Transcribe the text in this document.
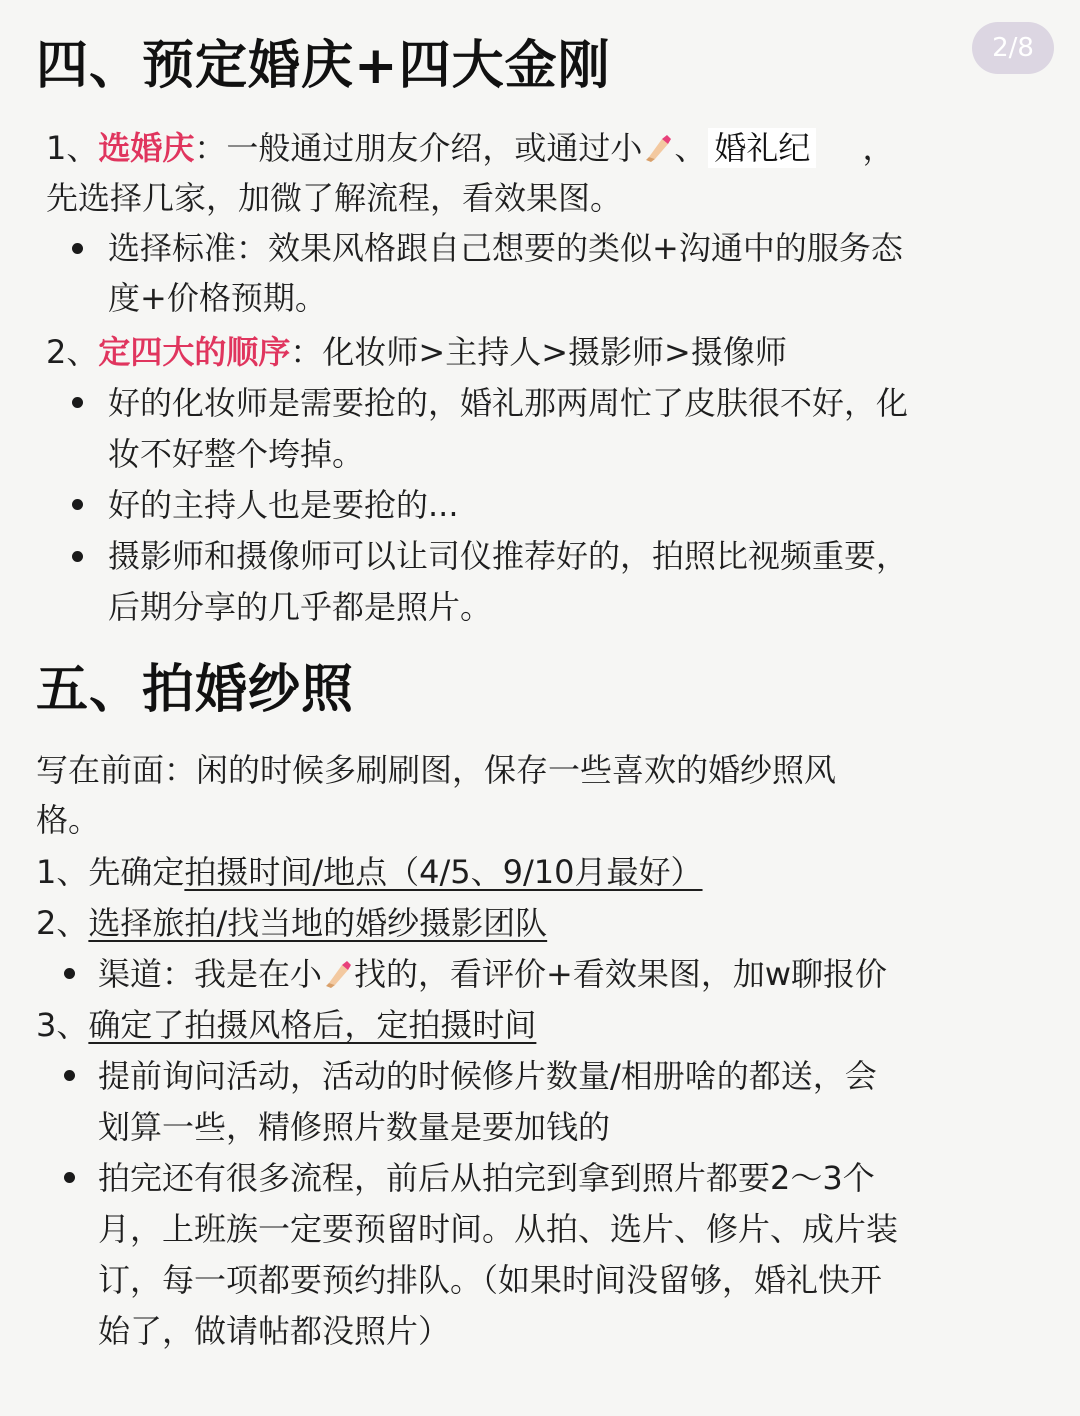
2/8
四、预定婚庆+四大金刚
1、选婚庆：一般通过朋友介绍，或通过小 、 婚礼纪 ，
先选择几家，加微了解流程，看效果图。
选择标准：效果风格跟自己想要的类似+沟通中的服务态
度+价格预期。
2、定四大的顺序：化妆师>主持人>摄影师>摄像师
好的化妆师是需要抢的，婚礼那两周忙了皮肤很不好，化
妆不好整个垮掉。
好的主持人也是要抢的...
摄影师和摄像师可以让司仪推荐好的，拍照比视频重要，
后期分享的几乎都是照片。
五、拍婚纱照
写在前面：闲的时候多刷刷图，保存一些喜欢的婚纱照风
格。
1、先确定拍摄时间/地点（4/5、9/10月最好）
2、选择旅拍/找当地的婚纱摄影团队
渠道：我是在小 找的，看评价+看效果图，加w聊报价
3、确定了拍摄风格后，定拍摄时间
提前询问活动，活动的时候修片数量/相册啥的都送，会
划算一些，精修照片数量是要加钱的
拍完还有很多流程，前后从拍完到拿到照片都要2～3个
月，上班族一定要预留时间。从拍、选片、修片、成片装
订，每一项都要预约排队。（如果时间没留够，婚礼快开
始了，做请帖都没照片）
